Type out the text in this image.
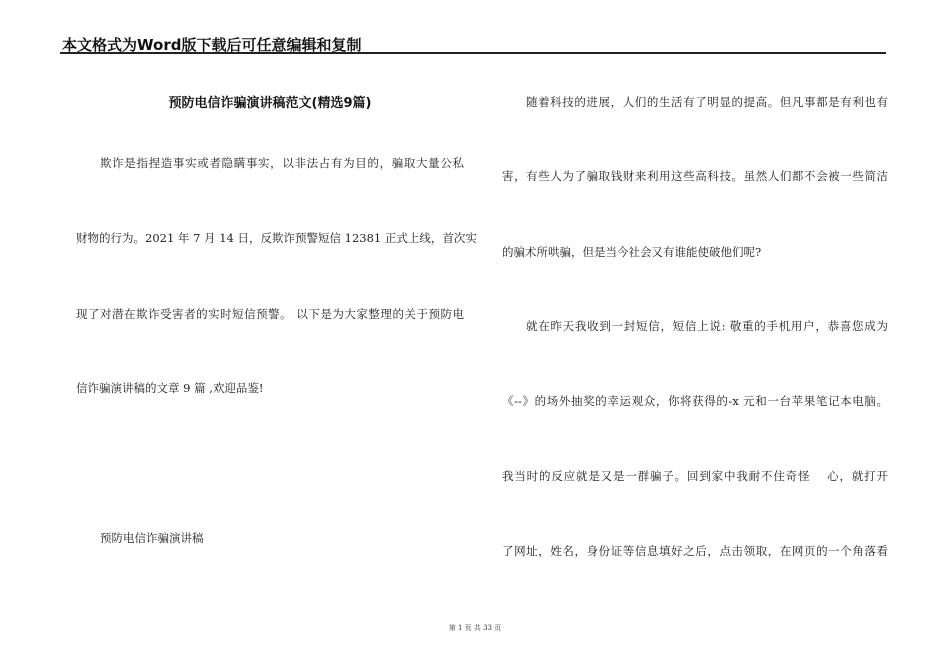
本文格式为Word版下载后可任意编辑和复制
预防电信诈骗演讲稿范文(精选9篇)
欺诈是指捏造事实或者隐瞒事实，以非法占有为目的，骗取大量公私
财物的行为。2021 年 7 月 14 日，反欺诈预警短信 12381 正式上线，首次实
现了对潜在欺诈受害者的实时短信预警。 以下是为大家整理的关于预防电
信诈骗演讲稿的文章 9 篇 ,欢迎品鉴!
预防电信诈骗演讲稿
随着科技的进展，人们的生活有了明显的提高。但凡事都是有利也有
害，有些人为了骗取钱财来利用这些高科技。虽然人们都不会被一些简洁
的骗术所哄骗，但是当今社会又有谁能使破他们呢?
就在昨天我收到一封短信，短信上说: 敬重的手机用户，恭喜您成为
《--》的场外抽奖的幸运观众，你将获得的-x 元和一台苹果笔记本电脑。
我当时的反应就是又是一群骗子。回到家中我耐不住奇怪　 心，就打开
了网址，姓名，身份证等信息填好之后，点击领取，在网页的一个角落看
第 1 页 共 33 页
